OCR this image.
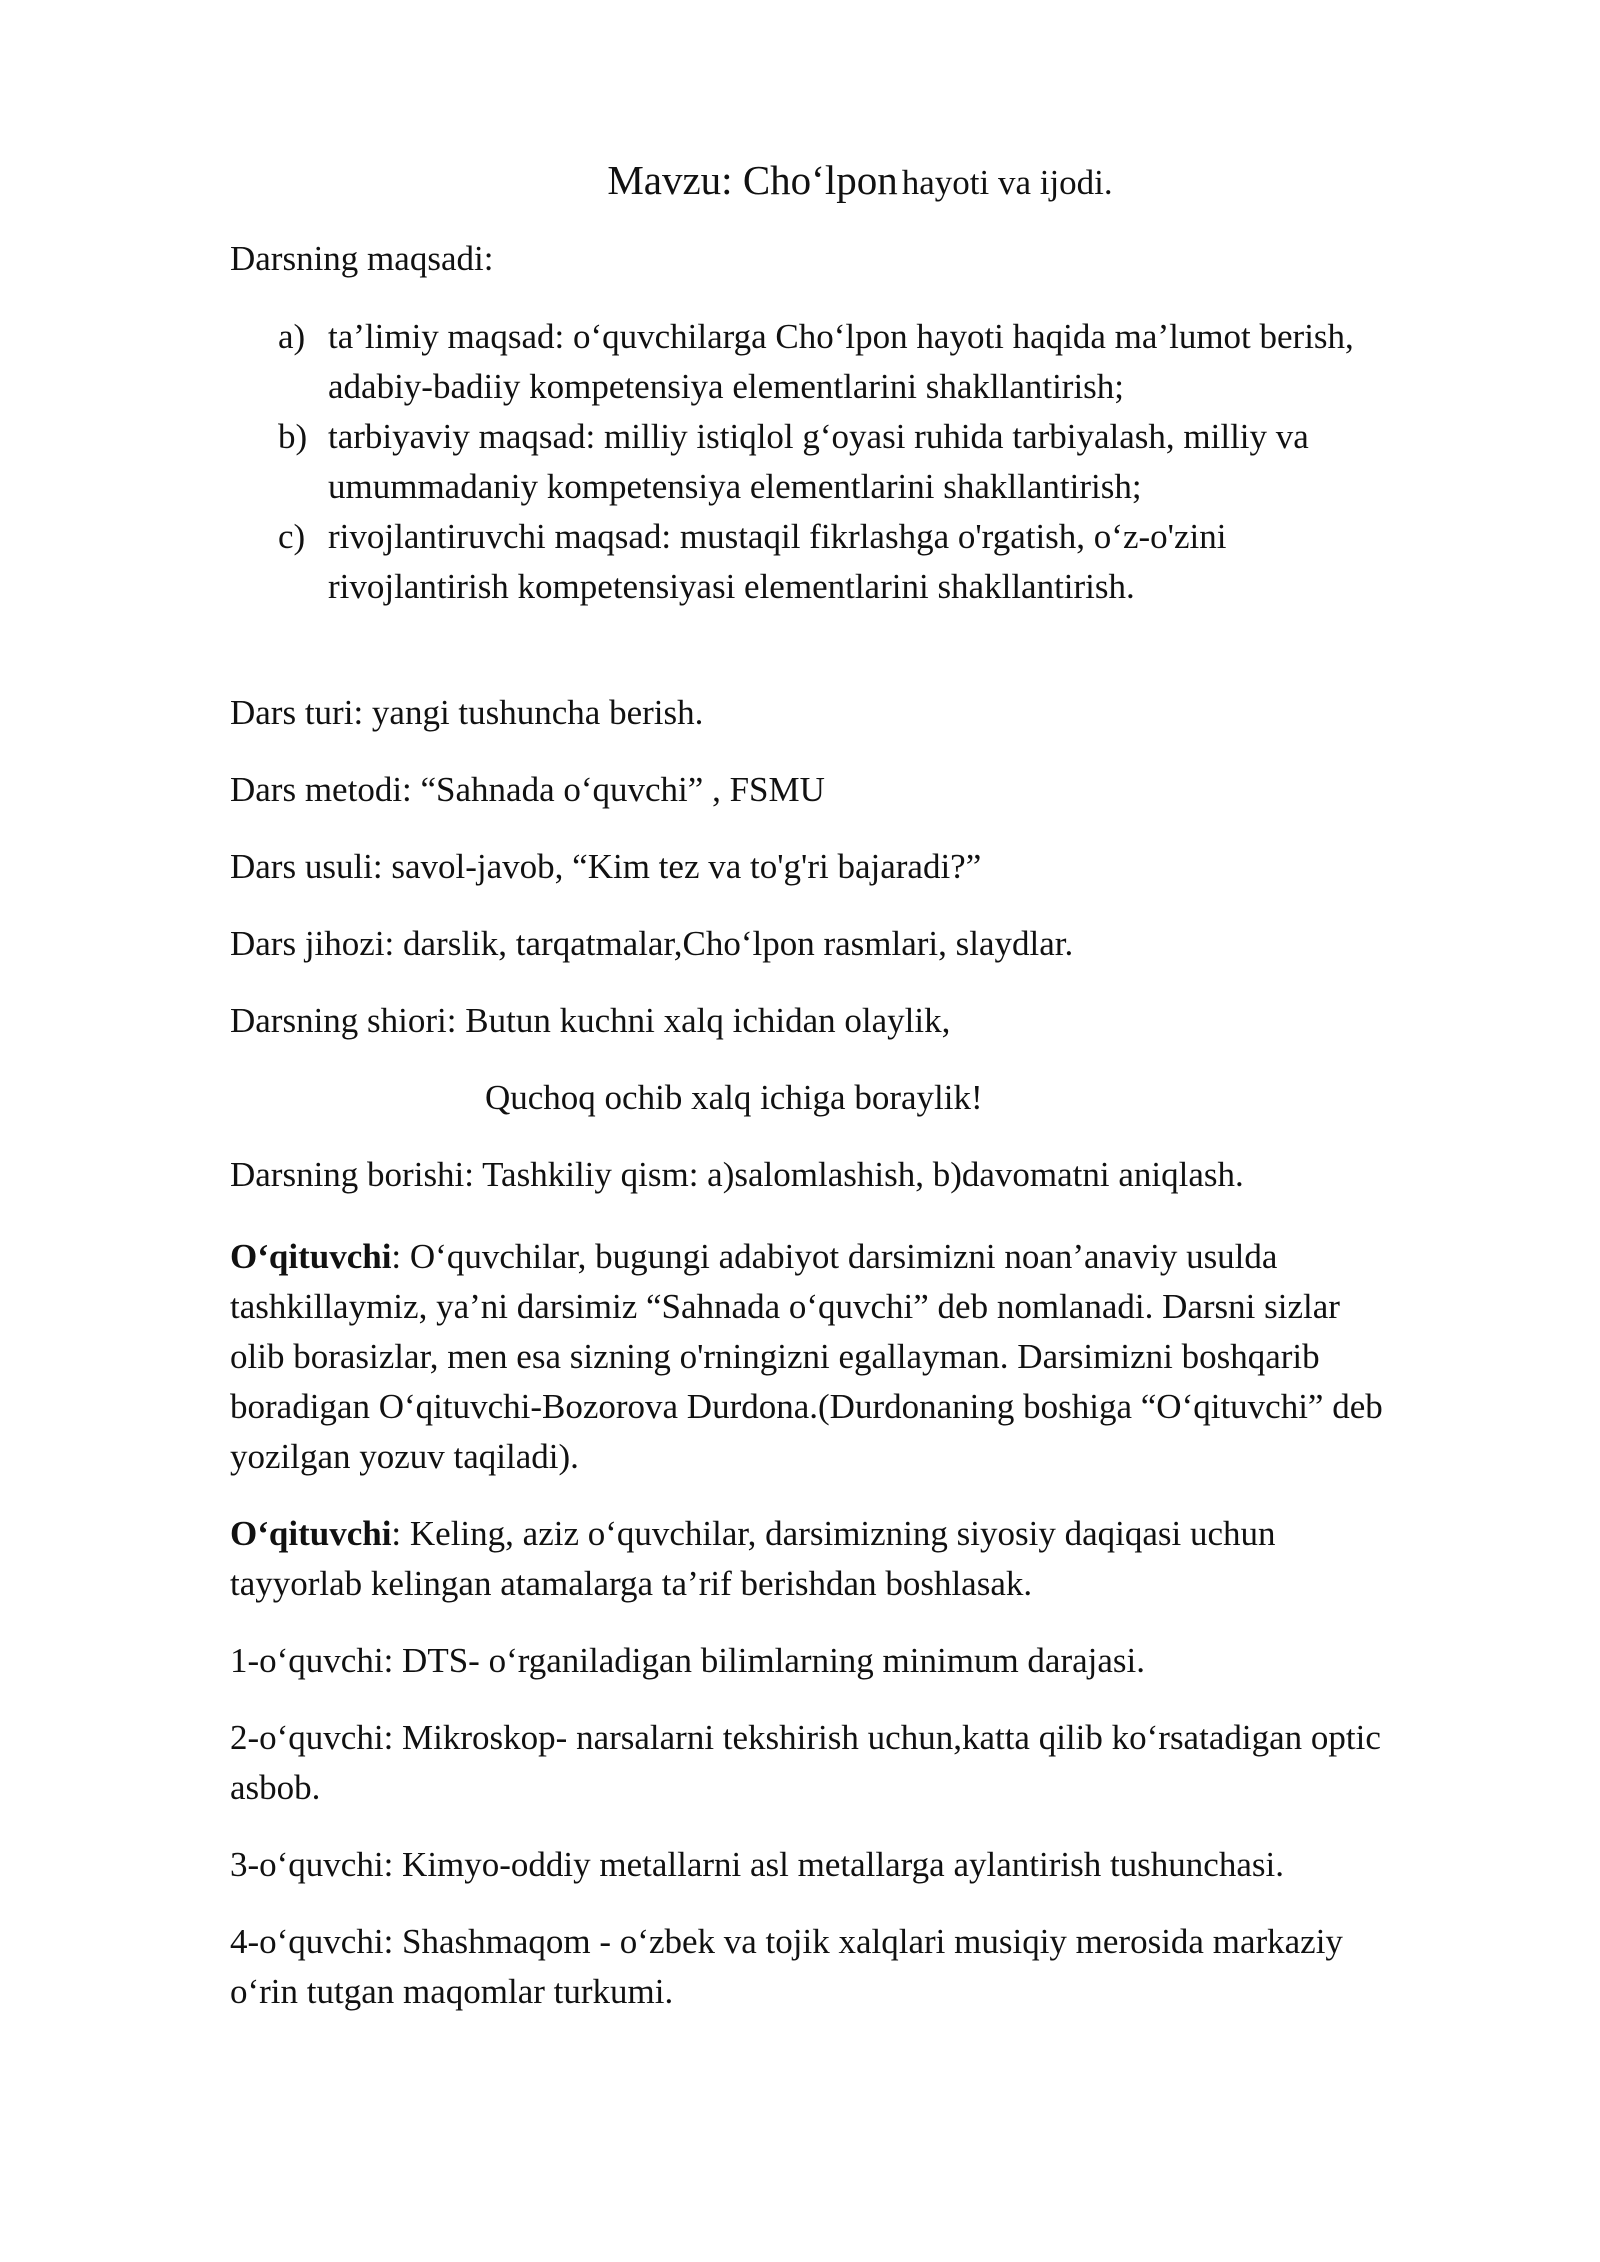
Mavzu: Cho‘lpon hayoti va ijodi.
Darsning maqsadi:
a) ta’limiy maqsad: o‘quvchilarga Cho‘lpon hayoti haqida ma’lumot berish,
adabiy-badiiy kompetensiya elementlarini shakllantirish;
b) tarbiyaviy maqsad: milliy istiqlol g‘oyasi ruhida tarbiyalash, milliy va
umummadaniy kompetensiya elementlarini shakllantirish;
c) rivojlantiruvchi maqsad: mustaqil fikrlashga o'rgatish, o‘z-o'zini
rivojlantirish kompetensiyasi elementlarini shakllantirish.
Dars turi: yangi tushuncha berish.
Dars metodi: “Sahnada o‘quvchi” , FSMU
Dars usuli: savol-javob, “Kim tez va to'g'ri bajaradi?”
Dars jihozi: darslik, tarqatmalar,Cho‘lpon rasmlari, slaydlar.
Darsning shiori: Butun kuchni xalq ichidan olaylik,
Quchoq ochib xalq ichiga boraylik!
Darsning borishi: Tashkiliy qism: a)salomlashish, b)davomatni aniqlash.

O‘qituvchi: O‘quvchilar, bugungi adabiyot darsimizni noan’anaviy usulda

tashkillaymiz, ya’ni darsimiz “Sahnada o‘quvchi” deb nomlanadi. Darsni sizlar

olib borasizlar, men esa sizning o'rningizni egallayman. Darsimizni boshqarib

boradigan O‘qituvchi-Bozorova Durdona.(Durdonaning boshiga “O‘qituvchi” deb

yozilgan yozuv taqiladi).

O‘qituvchi: Keling, aziz o‘quvchilar, darsimizning siyosiy daqiqasi uchun

tayyorlab kelingan atamalarga ta’rif berishdan boshlasak.

1-o‘quvchi: DTS- o‘rganiladigan bilimlarning minimum darajasi.

2-o‘quvchi: Mikroskop- narsalarni tekshirish uchun,katta qilib ko‘rsatadigan optic

asbob.

3-o‘quvchi: Kimyo-oddiy metallarni asl metallarga aylantirish tushunchasi.

4-o‘quvchi: Shashmaqom - o‘zbek va tojik xalqlari musiqiy merosida markaziy

o‘rin tutgan maqomlar turkumi.
